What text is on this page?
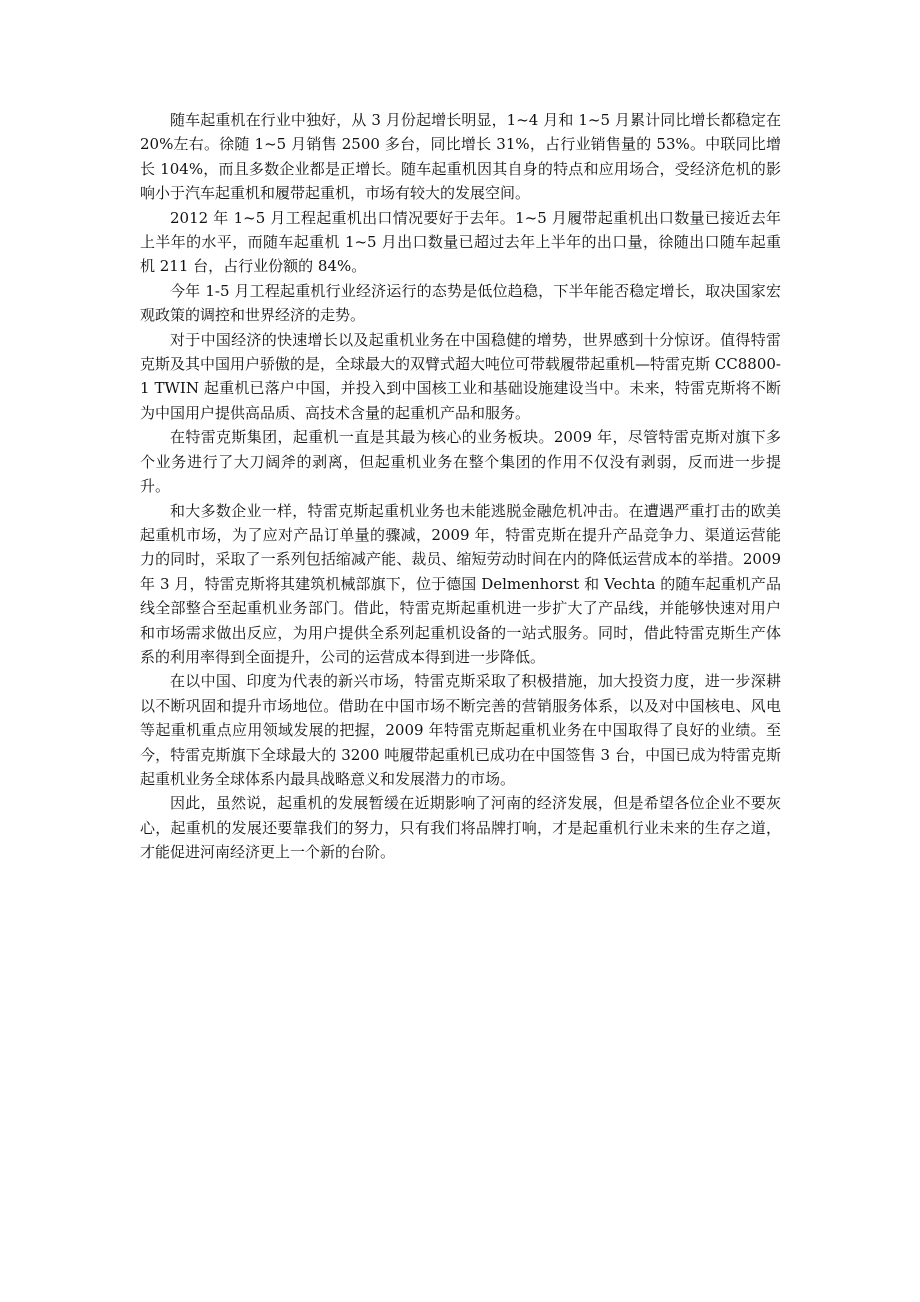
随车起重机在行业中独好，从 3 月份起增长明显，1~4 月和 1~5 月累计同比增长都稳定在 20%左右。徐随 1~5 月销售 2500 多台，同比增长 31%，占行业销售量的 53%。中联同比增长 104%，而且多数企业都是正增长。随车起重机因其自身的特点和应用场合，受经济危机的影响小于汽车起重机和履带起重机，市场有较大的发展空间。

2012 年 1~5 月工程起重机出口情况要好于去年。1~5 月履带起重机出口数量已接近去年上半年的水平，而随车起重机 1~5 月出口数量已超过去年上半年的出口量，徐随出口随车起重机 211 台，占行业份额的 84%。

今年 1-5 月工程起重机行业经济运行的态势是低位趋稳，下半年能否稳定增长，取决国家宏观政策的调控和世界经济的走势。

对于中国经济的快速增长以及起重机业务在中国稳健的增势，世界感到十分惊讶。值得特雷克斯及其中国用户骄傲的是，全球最大的双臂式超大吨位可带载履带起重机—特雷克斯 CC8800-1 TWIN 起重机已落户中国，并投入到中国核工业和基础设施建设当中。未来，特雷克斯将不断为中国用户提供高品质、高技术含量的起重机产品和服务。

在特雷克斯集团，起重机一直是其最为核心的业务板块。2009 年，尽管特雷克斯对旗下多个业务进行了大刀阔斧的剥离，但起重机业务在整个集团的作用不仅没有剥弱，反而进一步提升。

和大多数企业一样，特雷克斯起重机业务也未能逃脱金融危机冲击。在遭遇严重打击的欧美起重机市场，为了应对产品订单量的骤减，2009 年，特雷克斯在提升产品竞争力、渠道运营能力的同时，采取了一系列包括缩减产能、裁员、缩短劳动时间在内的降低运营成本的举措。2009 年 3 月，特雷克斯将其建筑机械部旗下，位于德国 Delmenhorst 和 Vechta 的随车起重机产品线全部整合至起重机业务部门。借此，特雷克斯起重机进一步扩大了产品线，并能够快速对用户和市场需求做出反应，为用户提供全系列起重机设备的一站式服务。同时，借此特雷克斯生产体系的利用率得到全面提升，公司的运营成本得到进一步降低。

在以中国、印度为代表的新兴市场，特雷克斯采取了积极措施，加大投资力度，进一步深耕以不断巩固和提升市场地位。借助在中国市场不断完善的营销服务体系，以及对中国核电、风电等起重机重点应用领域发展的把握，2009 年特雷克斯起重机业务在中国取得了良好的业绩。至今，特雷克斯旗下全球最大的 3200 吨履带起重机已成功在中国签售 3 台，中国已成为特雷克斯起重机业务全球体系内最具战略意义和发展潜力的市场。

因此，虽然说，起重机的发展暂缓在近期影响了河南的经济发展，但是希望各位企业不要灰心，起重机的发展还要靠我们的努力，只有我们将品牌打响，才是起重机行业未来的生存之道，才能促进河南经济更上一个新的台阶。
